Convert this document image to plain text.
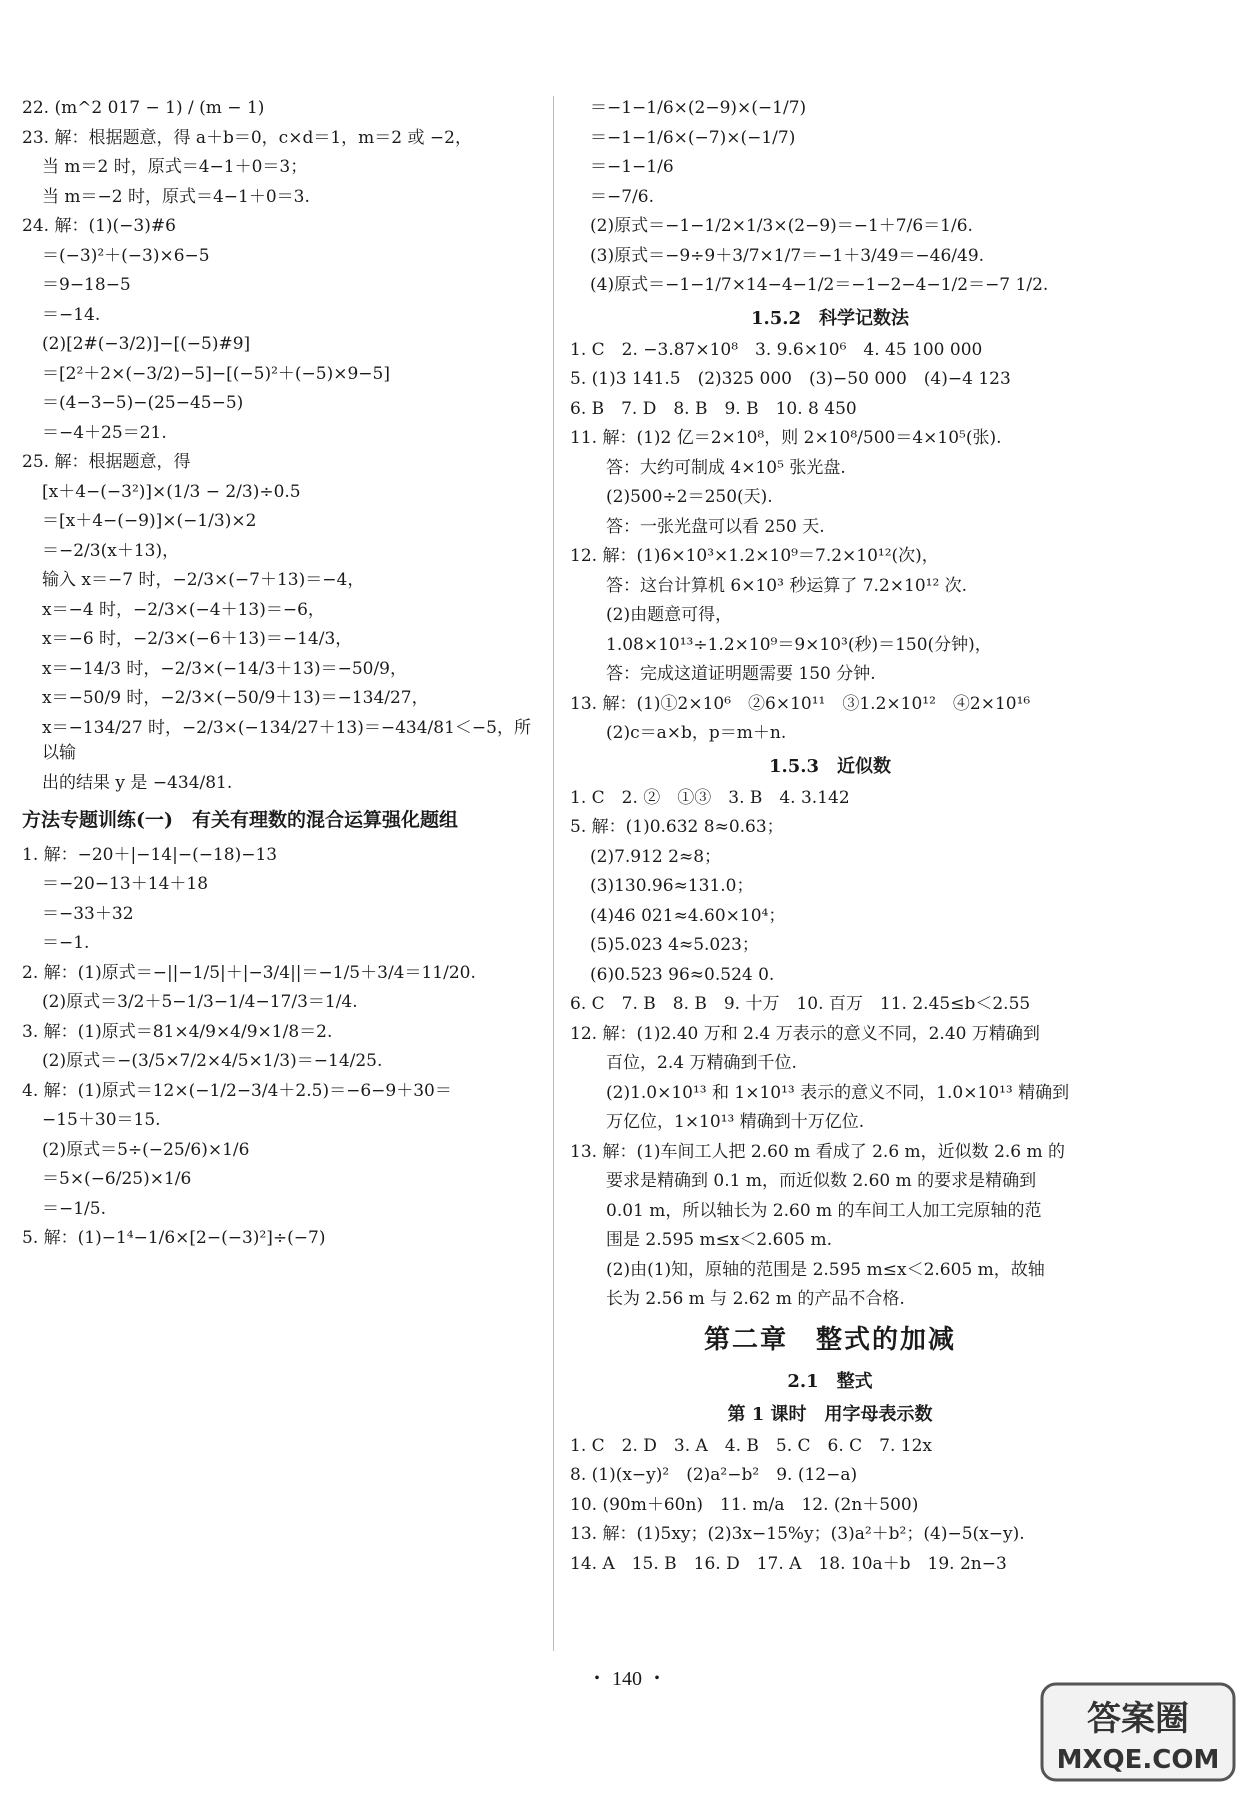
22. (m^2 017 − 1) / (m − 1)
23. 解：根据题意，得 a＋b＝0，c×d＝1，m＝2 或 −2，
当 m＝2 时，原式＝4−1＋0＝3；
当 m＝−2 时，原式＝4−1＋0＝3.
24. 解：(1)(−3)#6
＝(−3)²＋(−3)×6−5
＝9−18−5
＝−14.
(2)[2#(−3/2)]−[(−5)#9]
＝[2²＋2×(−3/2)−5]−[(−5)²＋(−5)×9−5]
＝(4−3−5)−(25−45−5)
＝−4＋25＝21.
25. 解：根据题意，得
[x＋4−(−3²)]×(1/3 − 2/3)÷0.5
＝[x＋4−(−9)]×(−1/3)×2
＝−2/3(x＋13)，
输入 x＝−7 时，−2/3×(−7＋13)＝−4，
x＝−4 时，−2/3×(−4＋13)＝−6，
x＝−6 时，−2/3×(−6＋13)＝−14/3，
x＝−14/3 时，−2/3×(−14/3＋13)＝−50/9，
x＝−50/9 时，−2/3×(−50/9＋13)＝−134/27，
x＝−134/27 时，−2/3×(−134/27＋13)＝−434/81＜−5，所以输
出的结果 y 是 −434/81.
方法专题训练(一)　有关有理数的混合运算强化题组
1. 解：−20＋|−14|−(−18)−13
＝−20−13＋14＋18
＝−33＋32
＝−1.
2. 解：(1)原式＝−||−1/5|＋|−3/4||＝−1/5＋3/4＝11/20.
(2)原式＝3/2＋5−1/3−1/4−17/3＝1/4.
3. 解：(1)原式＝81×4/9×4/9×1/8＝2.
(2)原式＝−(3/5×7/2×4/5×1/3)＝−14/25.
4. 解：(1)原式＝12×(−1/2−3/4＋2.5)＝−6−9＋30＝
−15＋30＝15.
(2)原式＝5÷(−25/6)×1/6
＝5×(−6/25)×1/6
＝−1/5.
5. 解：(1)−1⁴−1/6×[2−(−3)²]÷(−7)
＝−1−1/6×(2−9)×(−1/7)
＝−1−1/6×(−7)×(−1/7)
＝−1−1/6
＝−7/6.
(2)原式＝−1−1/2×1/3×(2−9)＝−1＋7/6＝1/6.
(3)原式＝−9÷9＋3/7×1/7＝−1＋3/49＝−46/49.
(4)原式＝−1−1/7×14−4−1/2＝−1−2−4−1/2＝−7 1/2.
1.5.2　科学记数法
1. C　2. −3.87×10⁸　3. 9.6×10⁶　4. 45 100 000
5. (1)3 141.5　(2)325 000　(3)−50 000　(4)−4 123
6. B　7. D　8. B　9. B　10. 8 450
11. 解：(1)2 亿＝2×10⁸，则 2×10⁸/500＝4×10⁵(张).
答：大约可制成 4×10⁵ 张光盘.
(2)500÷2＝250(天).
答：一张光盘可以看 250 天.
12. 解：(1)6×10³×1.2×10⁹＝7.2×10¹²(次)，
答：这台计算机 6×10³ 秒运算了 7.2×10¹² 次.
(2)由题意可得，
1.08×10¹³÷1.2×10⁹＝9×10³(秒)＝150(分钟)，
答：完成这道证明题需要 150 分钟.
13. 解：(1)①2×10⁶　②6×10¹¹　③1.2×10¹²　④2×10¹⁶
(2)c＝a×b，p＝m＋n.
1.5.3　近似数
1. C　2. ②　①③　3. B　4. 3.142
5. 解：(1)0.632 8≈0.63；
(2)7.912 2≈8；
(3)130.96≈131.0；
(4)46 021≈4.60×10⁴；
(5)5.023 4≈5.023；
(6)0.523 96≈0.524 0.
6. C　7. B　8. B　9. 十万　10. 百万　11. 2.45≤b＜2.55
12. 解：(1)2.40 万和 2.4 万表示的意义不同，2.40 万精确到
百位，2.4 万精确到千位.
(2)1.0×10¹³ 和 1×10¹³ 表示的意义不同，1.0×10¹³ 精确到
万亿位，1×10¹³ 精确到十万亿位.
13. 解：(1)车间工人把 2.60 m 看成了 2.6 m，近似数 2.6 m 的
要求是精确到 0.1 m，而近似数 2.60 m 的要求是精确到
0.01 m，所以轴长为 2.60 m 的车间工人加工完原轴的范
围是 2.595 m≤x＜2.605 m.
(2)由(1)知，原轴的范围是 2.595 m≤x＜2.605 m，故轴
长为 2.56 m 与 2.62 m 的产品不合格.
第二章　整式的加减
2.1　整式
第 1 课时　用字母表示数
1. C　2. D　3. A　4. B　5. C　6. C　7. 12x
8. (1)(x−y)²　(2)a²−b²　9. (12−a)
10. (90m＋60n)　11. m/a　12. (2n＋500)
13. 解：(1)5xy；(2)3x−15%y；(3)a²＋b²；(4)−5(x−y).
14. A　15. B　16. D　17. A　18. 10a＋b　19. 2n−3
・ 140 ・
答案圈
MXQE.COM
